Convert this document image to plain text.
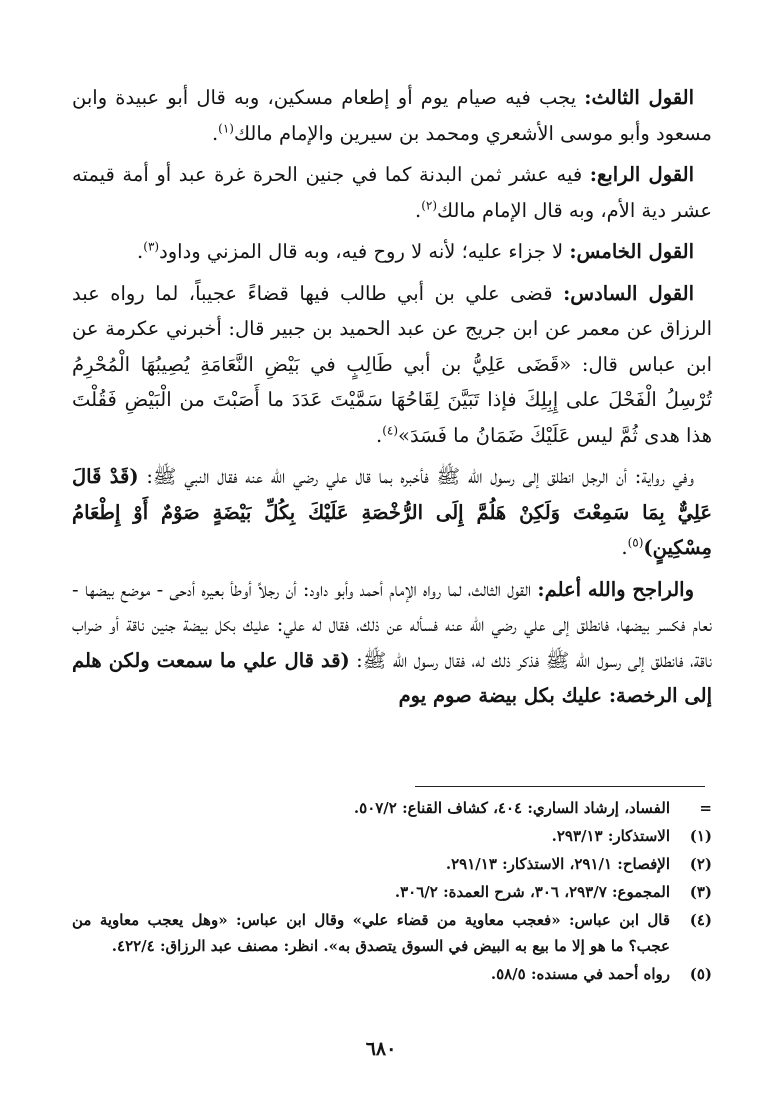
القول الثالث: يجب فيه صيام يوم أو إطعام مسكين، وبه قال أبو عبيدة وابن مسعود وأبو موسى الأشعري ومحمد بن سيرين والإمام مالك$^{(١)}$.

القول الرابع: فيه عشر ثمن البدنة كما في جنين الحرة غرة عبد أو أمة قيمته عشر دية الأم، وبه قال الإمام مالك$^{(٢)}$.

القول الخامس: لا جزاء عليه؛ لأنه لا روح فيه، وبه قال المزني وداود$^{(٣)}$.

القول السادس: قضى علي بن أبي طالب فيها قضاءً عجيباً، لما رواه عبد الرزاق عن معمر عن ابن جريج عن عبد الحميد بن جبير قال: أخبرني عكرمة عن ابن عباس قال: «قَضَى عَلِيُّ بن أبي طَالِبٍ في بَيْضِ النَّعَامَةِ يُصِيبُهَا الْمُحْرِمُ تُرْسِلُ الْفَحْلَ على إِبِلِكَ فإذا تَبَيَّنَ لِقَاحُهَا سَمَّيْتَ عَدَدَ ما أَصَبْتَ من الْبَيْضِ فَقُلْتَ هذا هدى ثُمَّ ليس عَلَيْكَ ضَمَانُ ما فَسَدَ»$^{(٤)}$.

وفي رواية: أن الرجل انطلق إلى رسول الله ﷺ فأخبره بما قال علي رضي الله عنه فقال النبي ﷺ: (قَدْ قَالَ عَلِيٌّ بِمَا سَمِعْتَ وَلَكِنْ هَلُمَّ إِلَى الرُّخْصَةِ عَلَيْكَ بِكُلِّ بَيْضَةٍ صَوْمٌ أَوْ إِطْعَامُ مِسْكِينٍ)$^{(٥)}$.

والراجح والله أعلم: القول الثالث، لما رواه الإمام أحمد وأبو داود: أن رجلاً أوطأ بعيره أدحى - موضع بيضها - نعام فكسر بيضها، فانطلق إلى علي رضي الله عنه فسأله عن ذلك، فقال له علي: عليك بكل بيضة جنين ناقة أو ضراب ناقة، فانطلق إلى رسول الله ﷺ فذكر ذلك له، فقال رسول الله ﷺ: (قد قال علي ما سمعت ولكن هلم إلى الرخصة: عليك بكل بيضة صوم يوم

=
الفساد، إرشاد الساري: ٤٠٤، كشاف القناع: ٥٠٧/٢.
(١)
الاستذكار: ٢٩٣/١٣.
(٢)
الإفصاح: ٢٩١/١، الاستذكار: ٢٩١/١٣.
(٣)
المجموع: ٢٩٣/٧، ٣٠٦، شرح العمدة: ٣٠٦/٢.
(٤)
قال ابن عباس: «فعجب معاوية من قضاء علي» وقال ابن عباس: «وهل يعجب معاوية من عجب؟ ما هو إلا ما بيع به البيض في السوق يتصدق به». انظر: مصنف عبد الرزاق: ٤٢٢/٤.
(٥)
رواه أحمد في مسنده: ٥٨/٥.
٦٨٠
